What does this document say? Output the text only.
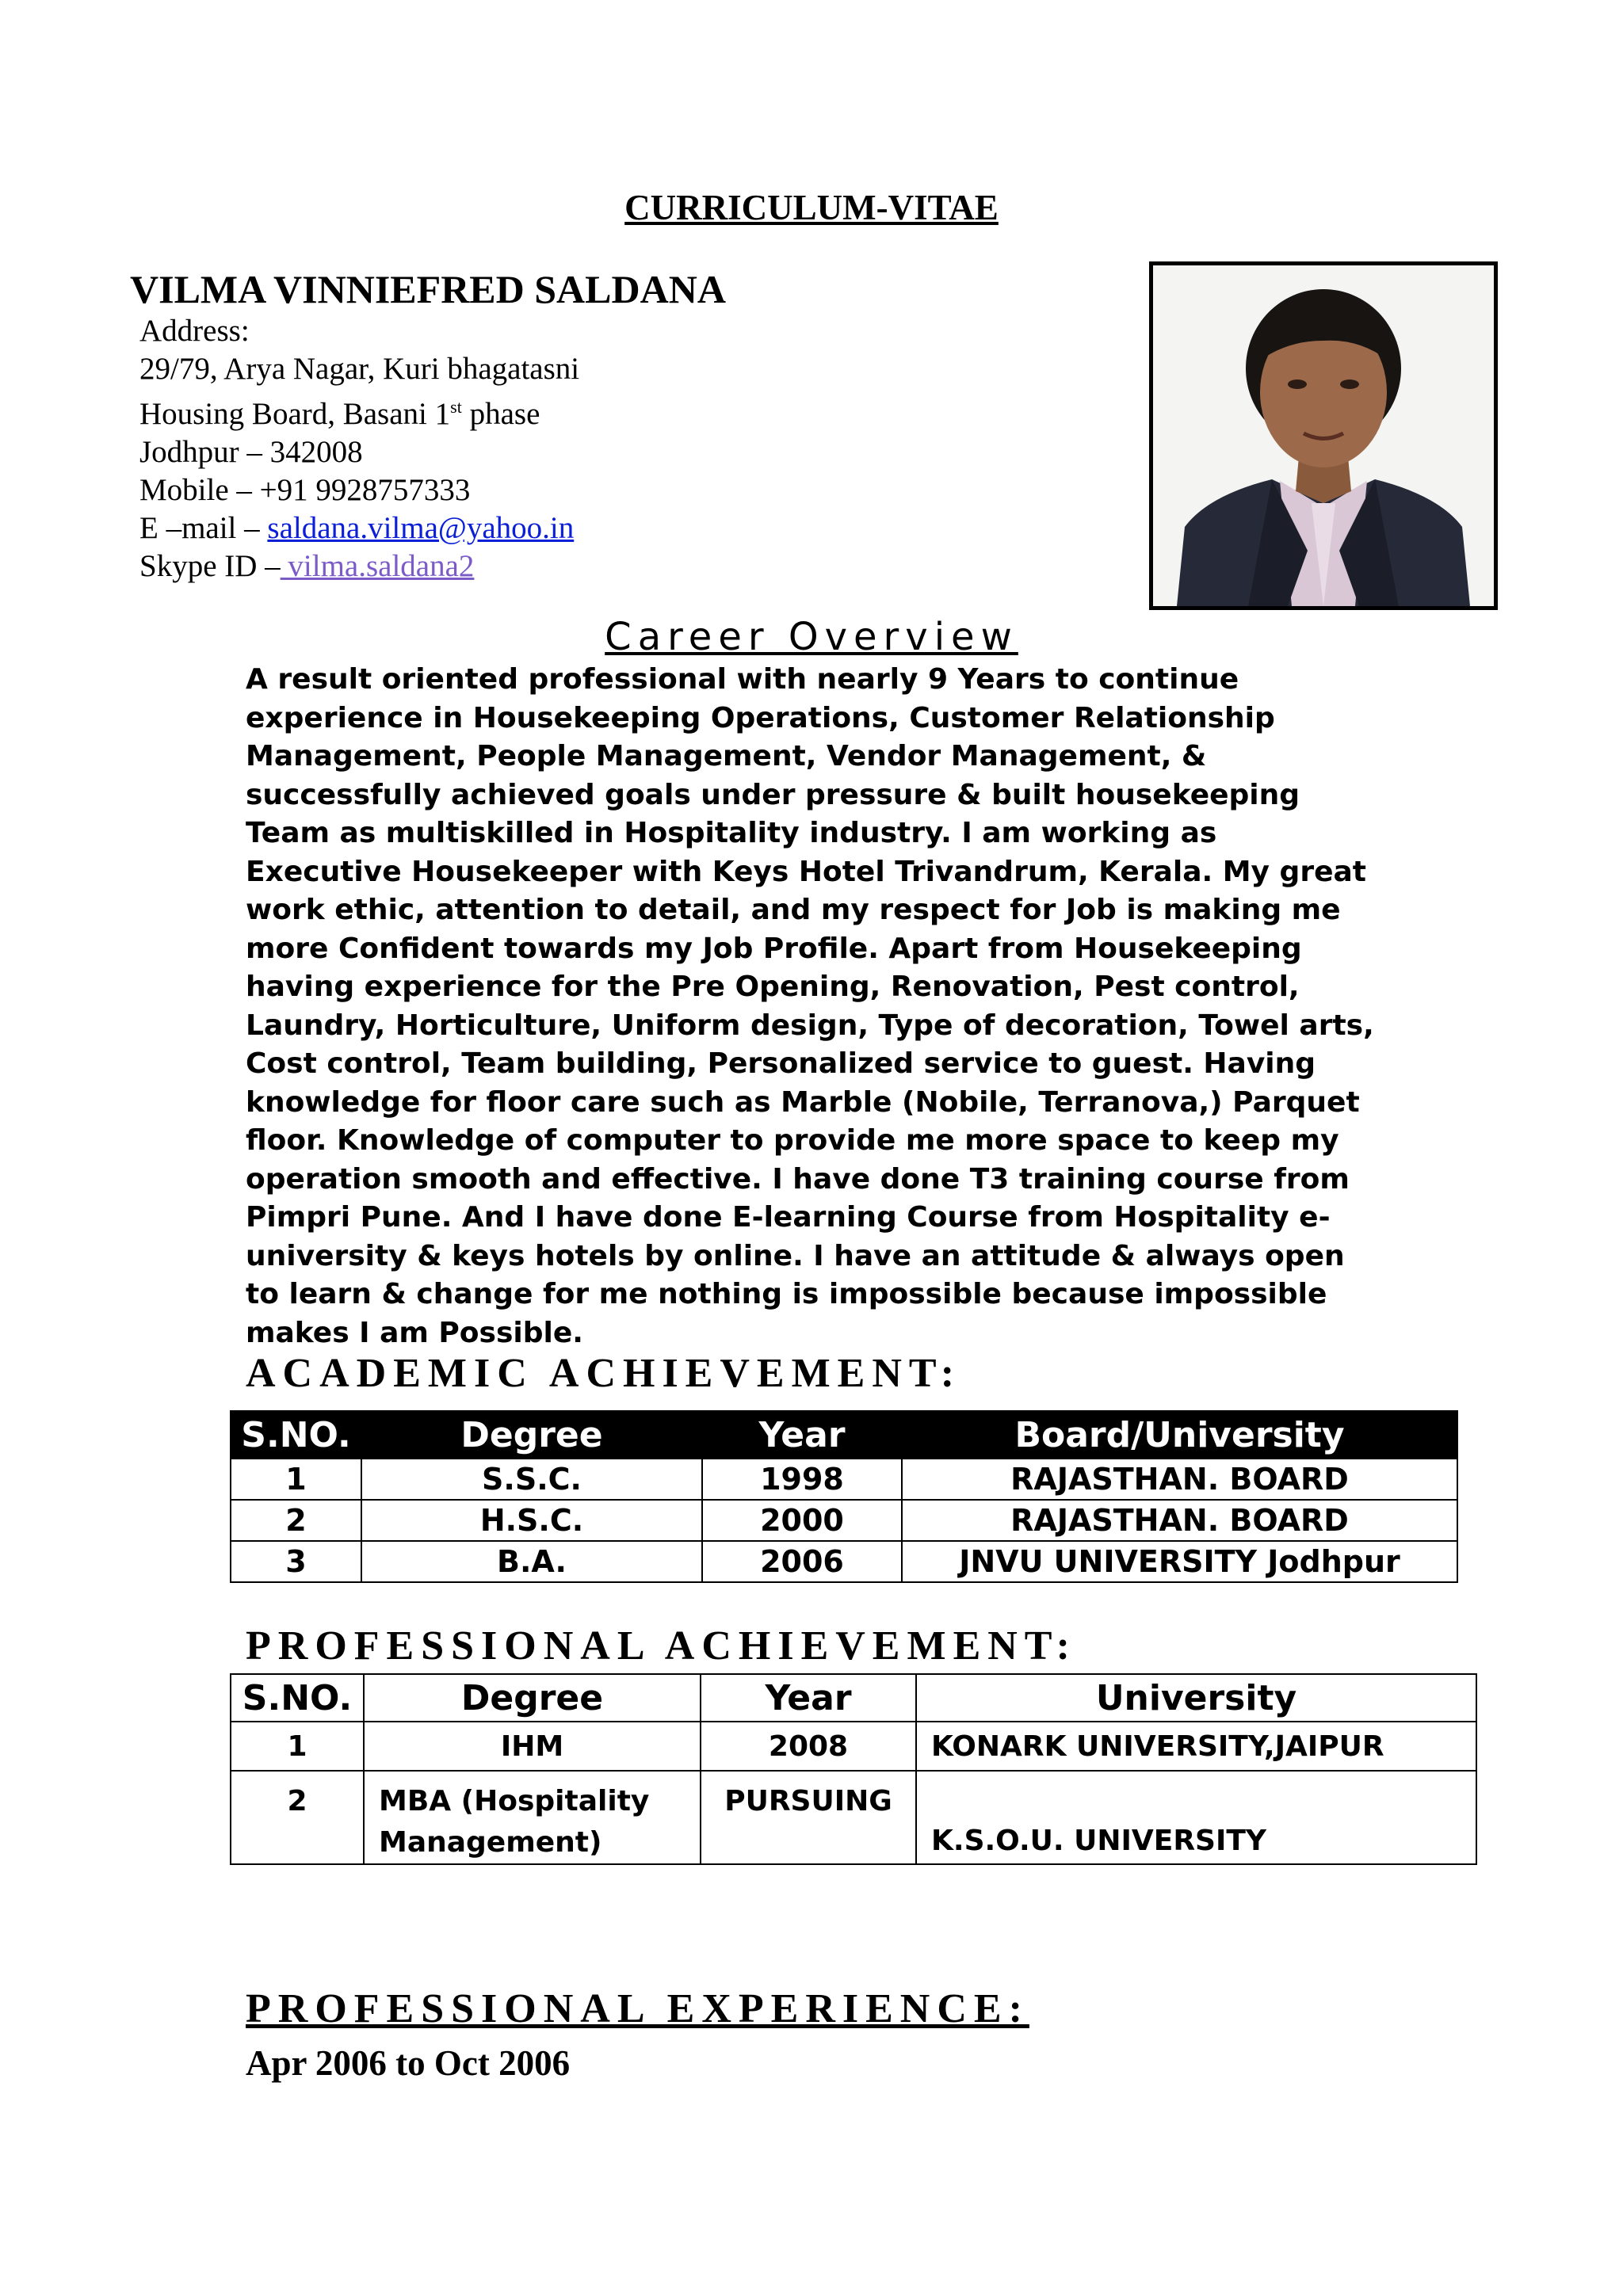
CURRICULUM-VITAE
VILMA VINNIEFRED SALDANA
Address:
29/79, Arya Nagar, Kuri bhagatasni
Housing Board, Basani 1st phase
Jodhpur – 342008
Mobile – +91 9928757333
E –mail – saldana.vilma@yahoo.in
Skype ID – vilma.saldana2
Career Overview
A result oriented professional with nearly 9 Years to continue experience in Housekeeping Operations, Customer Relationship Management, People Management, Vendor Management, & successfully achieved goals under pressure & built housekeeping Team as multiskilled in Hospitality industry. I am working as Executive Housekeeper with Keys Hotel Trivandrum, Kerala. My great work ethic, attention to detail, and my respect for Job is making me more Confident towards my Job Profile. Apart from Housekeeping having experience for the Pre Opening, Renovation, Pest control, Laundry, Horticulture, Uniform design, Type of decoration, Towel arts, Cost control, Team building, Personalized service to guest. Having knowledge for floor care such as Marble (Nobile, Terranova,) Parquet floor. Knowledge of computer to provide me more space to keep my operation smooth and effective. I have done T3 training course from Pimpri Pune. And I have done E-learning Course from Hospitality e-university & keys hotels by online. I have an attitude & always open to learn & change for me nothing is impossible because impossible makes I am Possible.
ACADEMIC ACHIEVEMENT:
S.NO.	Degree	Year	Board/University
1	S.S.C.	1998	RAJASTHAN. BOARD
2	H.S.C.	2000	RAJASTHAN. BOARD
3	B.A.	2006	JNVU UNIVERSITY Jodhpur
PROFESSIONAL ACHIEVEMENT:
S.NO.	Degree	Year	University
1	IHM	2008	KONARK UNIVERSITY,JAIPUR
2	MBA (Hospitality Management)	PURSUING	K.S.O.U. UNIVERSITY
PROFESSIONAL EXPERIENCE:
Apr 2006 to Oct 2006
